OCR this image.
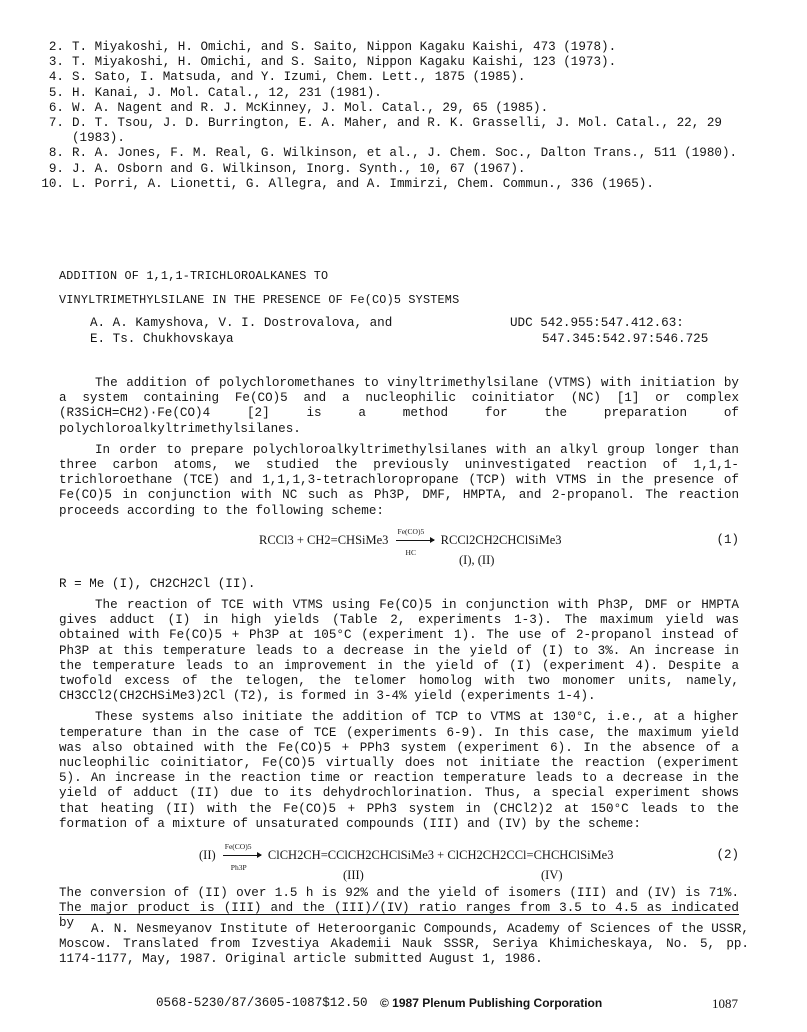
2. T. Miyakoshi, H. Omichi, and S. Saito, Nippon Kagaku Kaishi, 473 (1978).
3. T. Miyakoshi, H. Omichi, and S. Saito, Nippon Kagaku Kaishi, 123 (1973).
4. S. Sato, I. Matsuda, and Y. Izumi, Chem. Lett., 1875 (1985).
5. H. Kanai, J. Mol. Catal., 12, 231 (1981).
6. W. A. Nagent and R. J. McKinney, J. Mol. Catal., 29, 65 (1985).
7. D. T. Tsou, J. D. Burrington, E. A. Maher, and R. K. Grasselli, J. Mol. Catal., 22, 29 (1983).
8. R. A. Jones, F. M. Real, G. Wilkinson, et al., J. Chem. Soc., Dalton Trans., 511 (1980).
9. J. A. Osborn and G. Wilkinson, Inorg. Synth., 10, 67 (1967).
10. L. Porri, A. Lionetti, G. Allegra, and A. Immirzi, Chem. Commun., 336 (1965).
ADDITION OF 1,1,1-TRICHLOROALKANES TO
VINYLTRIMETHYLSILANE IN THE PRESENCE OF Fe(CO)5 SYSTEMS
A. A. Kamyshova, V. I. Dostrovalova, and
E. Ts. Chukhovskaya
UDC 542.955:547.412.63:
547.345:542.97:546.725

The addition of polychloromethanes to vinyltrimethylsilane (VTMS) with initiation by a system containing Fe(CO)5 and a nucleophilic coinitiator (NC) [1] or complex (R3SiCH=CH2)·Fe(CO)4 [2] is a method for the preparation of polychloroalkyltrimethylsilanes.

In order to prepare polychloroalkyltrimethylsilanes with an alkyl group longer than three carbon atoms, we studied the previously uninvestigated reaction of 1,1,1-trichloroethane (TCE) and 1,1,1,3-tetrachloropropane (TCP) with VTMS in the presence of Fe(CO)5 in conjunction with NC such as Ph3P, DMF, HMPTA, and 2-propanol. The reaction proceeds according to the following scheme:

RCCl3 + CH2=CHSiMe3 $\frac{Fe(CO)5}{HC}$ RCCl2CH2CHClSiMe3
(I), (II)
(1)

R = Me (I), CH2CH2Cl (II).

The reaction of TCE with VTMS using Fe(CO)5 in conjunction with Ph3P, DMF or HMPTA gives adduct (I) in high yields (Table 2, experiments 1-3). The maximum yield was obtained with Fe(CO)5 + Ph3P at 105°C (experiment 1). The use of 2-propanol instead of Ph3P at this temperature leads to a decrease in the yield of (I) to 3%. An increase in the temperature leads to an improvement in the yield of (I) (experiment 4). Despite a twofold excess of the telogen, the telomer homolog with two monomer units, namely, CH3CCl2(CH2CHSiMe3)2Cl (T2), is formed in 3-4% yield (experiments 1-4).

These systems also initiate the addition of TCP to VTMS at 130°C, i.e., at a higher temperature than in the case of TCE (experiments 6-9). In this case, the maximum yield was also obtained with the Fe(CO)5 + PPh3 system (experiment 6). In the absence of a nucleophilic coinitiator, Fe(CO)5 virtually does not initiate the reaction (experiment 5). An increase in the reaction time or reaction temperature leads to a decrease in the yield of adduct (II) due to its dehydrochlorination. Thus, a special experiment shows that heating (II) with the Fe(CO)5 + PPh3 system in (CHCl2)2 at 150°C leads to the formation of a mixture of unsaturated compounds (III) and (IV) by the scheme:

$(II) \frac{Fe(CO)5}{Ph3P}$ ClCH2CH=CClCH2CHClSiMe3 + ClCH2CH2CCl=CHCHClSiMe3
(III)	(IV)
(2)

The conversion of (II) over 1.5 h is 92% and the yield of isomers (III) and (IV) is 71%. The major product is (III) and the (III)/(IV) ratio ranges from 3.5 to 4.5 as indicated by	A. N. Nesmeyanov Institute of Heteroorganic Compounds, Academy of Sciences of the USSR, Moscow. Translated from Izvestiya Akademii Nauk SSSR, Seriya Khimicheskaya, No. 5, pp. 1174-1177, May, 1987. Original article submitted August 1, 1986.
0568-5230/87/3605-1087$12.50 © 1987 Plenum Publishing Corporation	1087
